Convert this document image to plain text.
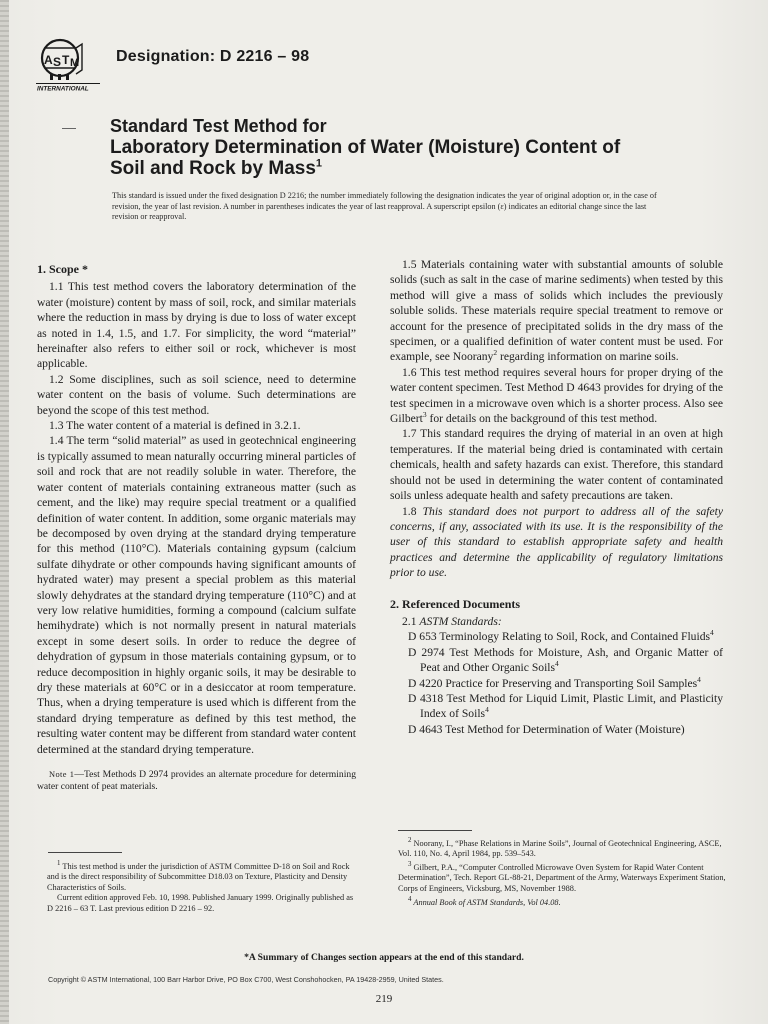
A S T M
INTERNATIONAL
Designation: D 2216 – 98
Standard Test Method for
Laboratory Determination of Water (Moisture) Content of
Soil and Rock by Mass$^1$
This standard is issued under the fixed designation D 2216; the number immediately following the designation indicates the year of original adoption or, in the case of revision, the year of last revision. A number in parentheses indicates the year of last reapproval. A superscript epsilon (ε) indicates an editorial change since the last revision or reapproval.
1. Scope *

1.1 This test method covers the laboratory determination of the water (moisture) content by mass of soil, rock, and similar materials where the reduction in mass by drying is due to loss of water except as noted in 1.4, 1.5, and 1.7. For simplicity, the word “material” hereinafter also refers to either soil or rock, whichever is most applicable.

1.2 Some disciplines, such as soil science, need to determine water content on the basis of volume. Such determinations are beyond the scope of this test method.

1.3 The water content of a material is defined in 3.2.1.

1.4 The term “solid material” as used in geotechnical engineering is typically assumed to mean naturally occurring mineral particles of soil and rock that are not readily soluble in water. Therefore, the water content of materials containing extraneous matter (such as cement, and the like) may require special treatment or a qualified definition of water content. In addition, some organic materials may be decomposed by oven drying at the standard drying temperature for this method (110°C). Materials containing gypsum (calcium sulfate dihydrate or other compounds having significant amounts of hydrated water) may present a special problem as this material slowly dehydrates at the standard drying temperature (110°C) and at very low relative humidities, forming a compound (calcium sulfate hemihydrate) which is not normally present in natural materials except in some desert soils. In order to reduce the degree of dehydration of gypsum in those materials containing gypsum, or to reduce decomposition in highly organic soils, it may be desirable to dry these materials at 60°C or in a desiccator at room temperature. Thus, when a drying temperature is used which is different from the standard drying temperature as defined by this test method, the resulting water content may be different from standard water content determined at the standard drying temperature.

Note 1—Test Methods D 2974 provides an alternate procedure for determining water content of peat materials.

1.5 Materials containing water with substantial amounts of soluble solids (such as salt in the case of marine sediments) when tested by this method will give a mass of solids which includes the previously soluble solids. These materials require special treatment to remove or account for the presence of precipitated solids in the dry mass of the specimen, or a qualified definition of water content must be used. For example, see Noorany$^2$ regarding information on marine soils.

1.6 This test method requires several hours for proper drying of the water content specimen. Test Method D 4643 provides for drying of the test specimen in a microwave oven which is a shorter process. Also see Gilbert$^3$ for details on the background of this test method.

1.7 This standard requires the drying of material in an oven at high temperatures. If the material being dried is contaminated with certain chemicals, health and safety hazards can exist. Therefore, this standard should not be used in determining the water content of contaminated soils unless adequate health and safety precautions are taken.

1.8 This standard does not purport to address all of the safety concerns, if any, associated with its use. It is the responsibility of the user of this standard to establish appropriate safety and health practices and determine the applicability of regulatory limitations prior to use.

2. Referenced Documents

2.1 ASTM Standards:

D 653 Terminology Relating to Soil, Rock, and Contained Fluids$^4$
D 2974 Test Methods for Moisture, Ash, and Organic Matter of Peat and Other Organic Soils$^4$
D 4220 Practice for Preserving and Transporting Soil Samples$^4$
D 4318 Test Method for Liquid Limit, Plastic Limit, and Plasticity Index of Soils$^4$
D 4643 Test Method for Determination of Water (Moisture)

$^1$ This test method is under the jurisdiction of ASTM Committee D-18 on Soil and Rock and is the direct responsibility of Subcommittee D18.03 on Texture, Plasticity and Density Characteristics of Soils.

Current edition approved Feb. 10, 1998. Published January 1999. Originally published as D 2216 – 63 T. Last previous edition D 2216 – 92.

$^2$ Noorany, I., “Phase Relations in Marine Soils”, Journal of Geotechnical Engineering, ASCE, Vol. 110, No. 4, April 1984, pp. 539–543.

$^3$ Gilbert, P.A., “Computer Controlled Microwave Oven System for Rapid Water Content Determination”, Tech. Report GL-88-21, Department of the Army, Waterways Experiment Station, Corps of Engineers, Vicksburg, MS, November 1988.

$^4$ Annual Book of ASTM Standards, Vol 04.08.

*A Summary of Changes section appears at the end of this standard.
Copyright © ASTM International, 100 Barr Harbor Drive, PO Box C700, West Conshohocken, PA 19428-2959, United States.
219
